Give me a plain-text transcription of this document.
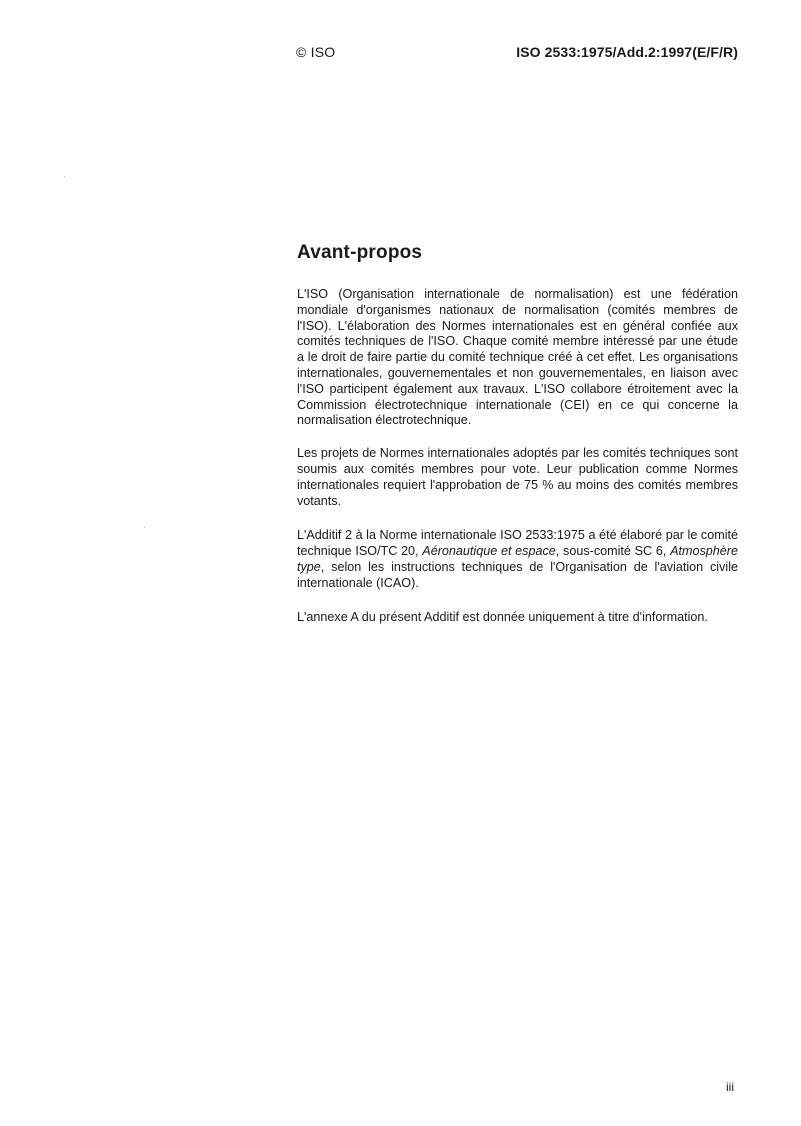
© ISO	ISO 2533:1975/Add.2:1997(E/F/R)
Avant-propos

L'ISO (Organisation internationale de normalisation) est une fédération mondiale d'organismes nationaux de normalisation (comités membres de l'ISO). L'élaboration des Normes internationales est en général confiée aux comités techniques de l'ISO. Chaque comité membre intéressé par une étude a le droit de faire partie du comité technique créé à cet effet. Les organisations internationales, gouvernementales et non gouvernementales, en liaison avec l'ISO participent également aux travaux. L'ISO collabore étroitement avec la Commission électrotechnique internationale (CEI) en ce qui concerne la normalisation électrotechnique.

Les projets de Normes internationales adoptés par les comités techniques sont soumis aux comités membres pour vote. Leur publication comme Normes internationales requiert l'approbation de 75 % au moins des comités membres votants.

L'Additif 2 à la Norme internationale ISO 2533:1975 a été élaboré par le comité technique ISO/TC 20, Aéronautique et espace, sous-comité SC 6, Atmosphère type, selon les instructions techniques de l'Organisation de l'aviation civile internationale (ICAO).

L'annexe A du présent Additif est donnée uniquement à titre d'information.

iii
